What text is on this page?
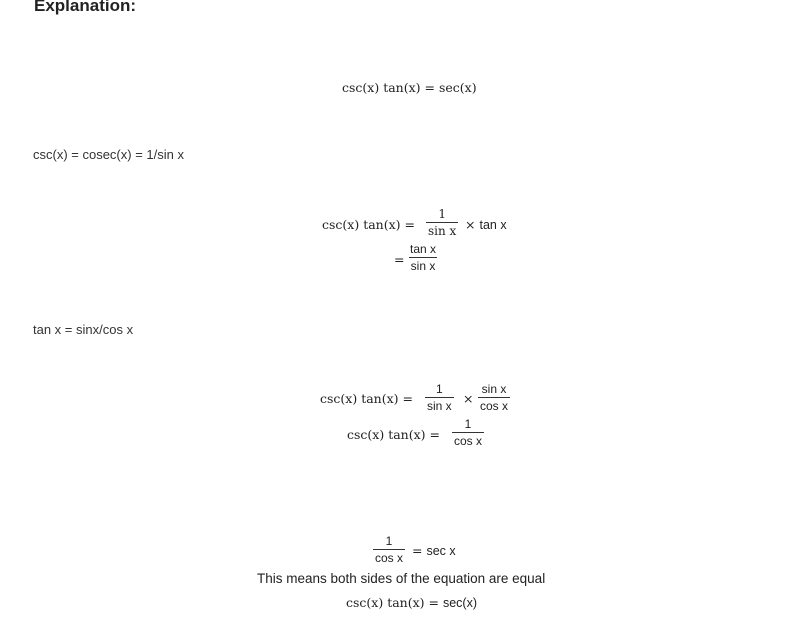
Explanation:
csc(x) tan(x) = sec(x)
csc(x) = cosec(x) = 1/sin x
csc(x) $\tan(x) = \frac{1}{\text{sin x}} \times \tan x$
= $\frac{\text{tan x}}{\text{sin x}}$
tan x = sinx/cos x
csc(x) $\tan(x) = \frac{1}{\text{sin x}} \times \frac{\text{sin x}}{\text{cos x}}$
csc(x) $\tan(x) = \frac{1}{\text{cos x}}$
$\frac{1}{\text{cos x}} = \sec x$
This means both sides of the equation are equal
csc(x) tan(x) = sec(x)
